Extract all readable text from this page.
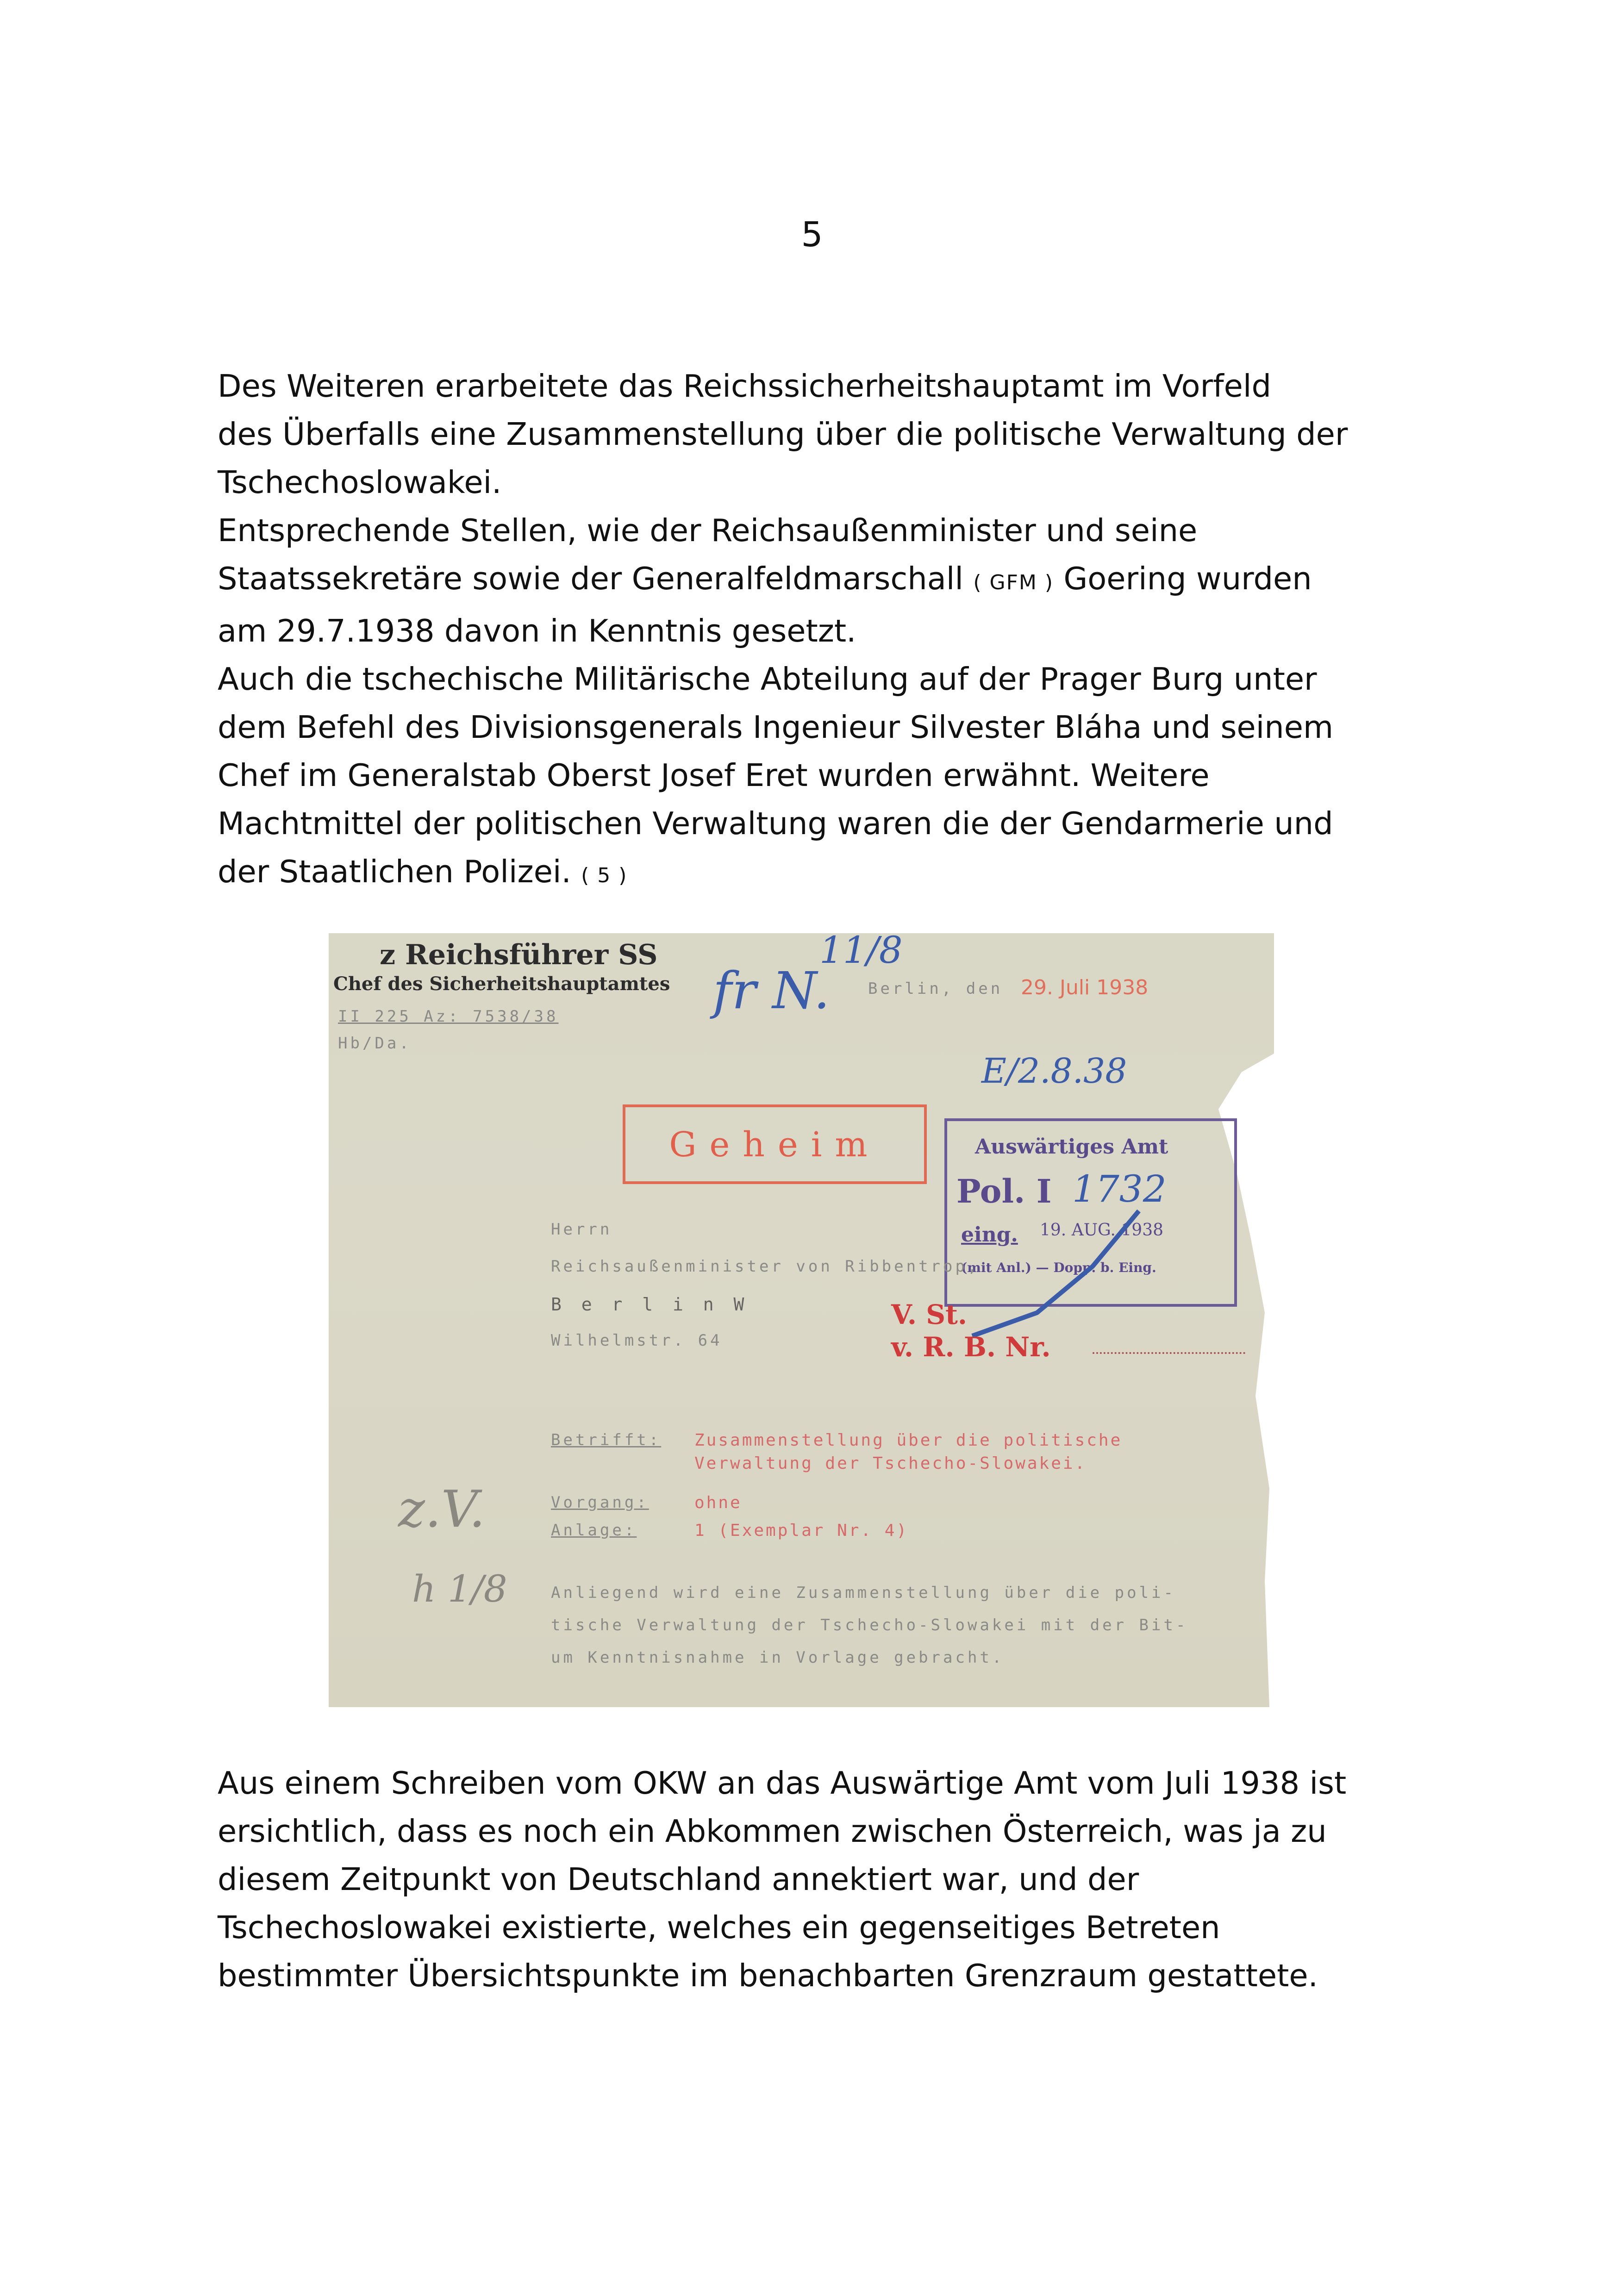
5
Des Weiteren erarbeitete das Reichssicherheitshauptamt im Vorfeld
des Überfalls eine Zusammenstellung über die politische Verwaltung der
Tschechoslowakei.
Entsprechende Stellen, wie der Reichsaußenminister und seine
Staatssekretäre sowie der Generalfeldmarschall ( GFM ) Goering wurden
am 29.7.1938 davon in Kenntnis gesetzt.
Auch die tschechische Militärische Abteilung auf der Prager Burg unter
dem Befehl des Divisionsgenerals Ingenieur Silvester Bláha und seinem
Chef im Generalstab Oberst Josef Eret wurden erwähnt. Weitere
Machtmittel der politischen Verwaltung waren die der Gendarmerie und
der Staatlichen Polizei. ( 5 )
z Reichsführer SS
Chef des Sicherheitshauptamtes
II 225 Az: 7538/38
Hb/Da.
fr N.
11/8
Berlin, den 29. Juli 1938
E/2.8.38
Geheim	Auswärtiges Amt
Pol. I 1732
eing. 19. AUG. 1938
(mit Anl.) — Dopp. b. Eing.
Herrn
Reichsaußenminister von Ribbentrop,
B e r l i n W
Wilhelmstr. 64
V. St.
v. R. B. Nr.
Betrifft: Zusammenstellung über die politische
Verwaltung der Tschecho-Slowakei.
Vorgang:	ohne
Anlage:	1 (Exemplar Nr. 4)
z.V.
h 1/8	Anliegend wird eine Zusammenstellung über die poli-
tische Verwaltung der Tschecho-Slowakei mit der Bit-
um Kenntnisnahme in Vorlage gebracht.
Aus einem Schreiben vom OKW an das Auswärtige Amt vom Juli 1938 ist
ersichtlich, dass es noch ein Abkommen zwischen Österreich, was ja zu
diesem Zeitpunkt von Deutschland annektiert war, und der
Tschechoslowakei existierte, welches ein gegenseitiges Betreten
bestimmter Übersichtspunkte im benachbarten Grenzraum gestattete.
